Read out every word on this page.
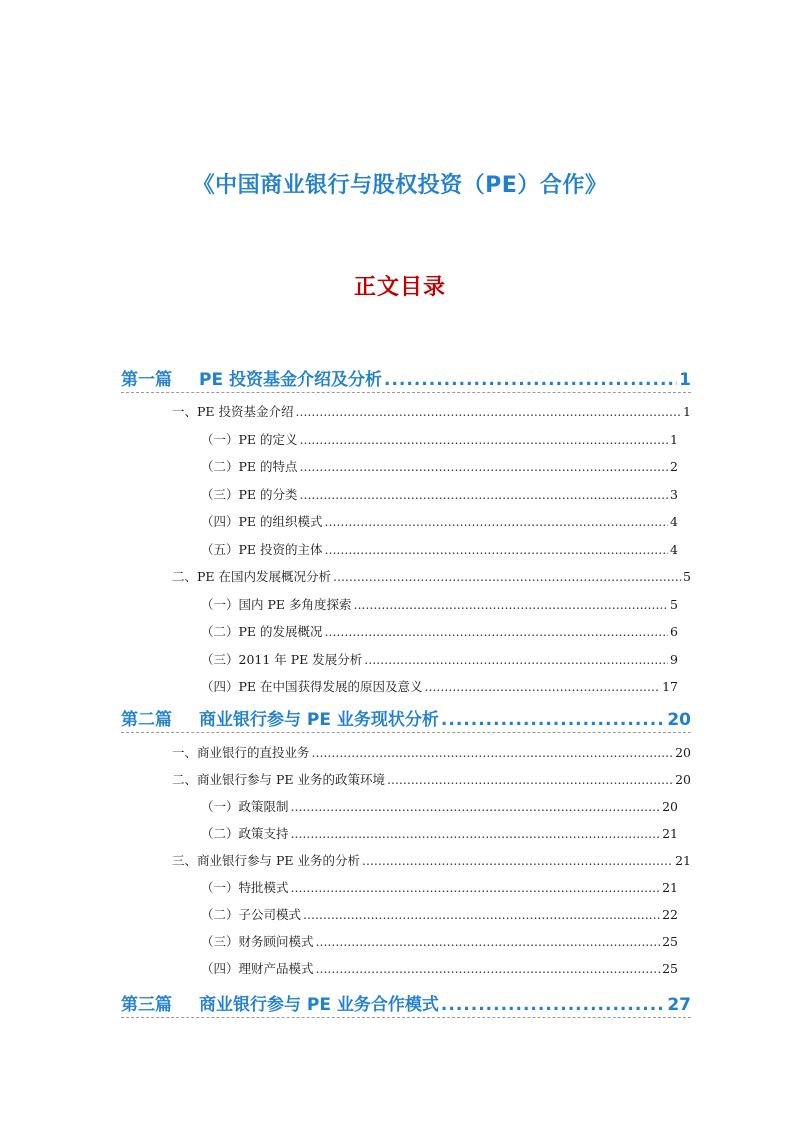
《中国商业银行与股权投资（PE）合作》
正文目录
第一篇	PE 投资基金介绍及分析 .....	1
一、PE 投资基金介绍 .....	1
（一）PE 的定义 .....	1
（二）PE 的特点 .....	2
（三）PE 的分类 .....	3
（四）PE 的组织模式 .....	4
（五）PE 投资的主体 .....	4
二、PE 在国内发展概况分析 .....	5
（一）国内 PE 多角度探索 .....	5
（二）PE 的发展概况 .....	6
（三）2011 年 PE 发展分析 .....	9
（四）PE 在中国获得发展的原因及意义 .....	17
第二篇	商业银行参与 PE 业务现状分析 .....	20
一、商业银行的直投业务 .....	20
二、商业银行参与 PE 业务的政策环境 .....	20
（一）政策限制 .....	20
（二）政策支持 .....	21
三、商业银行参与 PE 业务的分析 .....	21
（一）特批模式 .....	21
（二）子公司模式 .....	22
（三）财务顾问模式 .....	25
（四）理财产品模式 .....	25
第三篇	商业银行参与 PE 业务合作模式 .....	27
